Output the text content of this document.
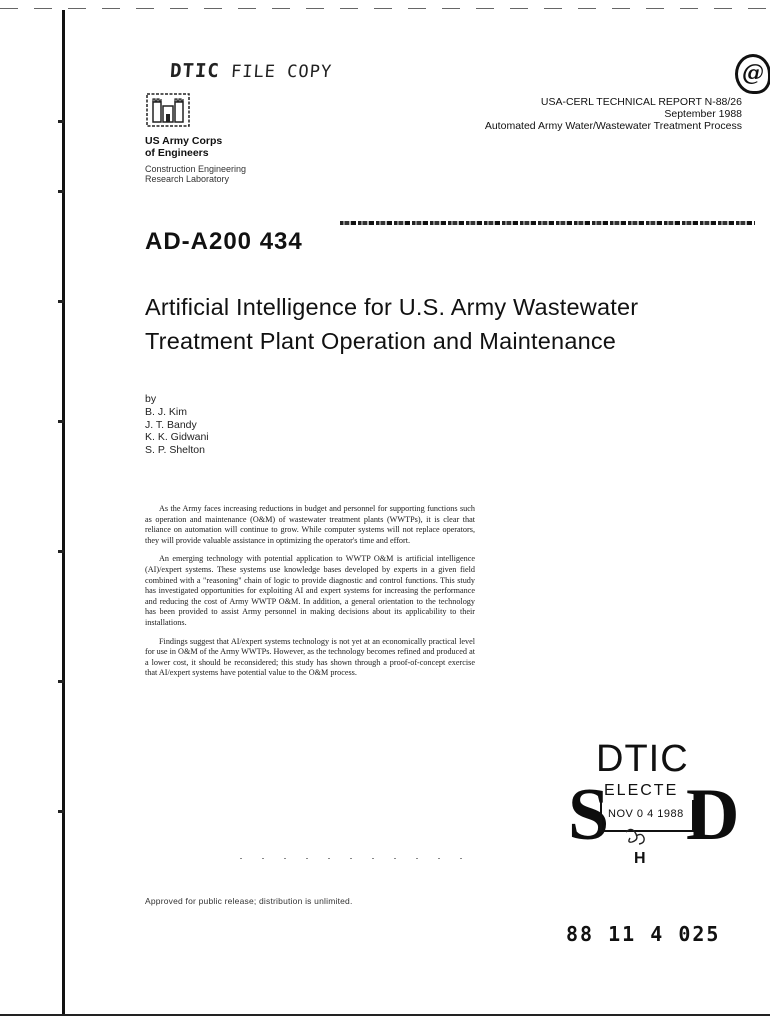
DTIC FILE COPY	@
US Army Corps
of Engineers
Construction Engineering
Research Laboratory
USA-CERL TECHNICAL REPORT N-88/26
September 1988
Automated Army Water/Wastewater Treatment Process
AD-A200 434
Artificial Intelligence for U.S. Army Wastewater
Treatment Plant Operation and Maintenance
by
B. J. Kim
J. T. Bandy
K. K. Gidwani
S. P. Shelton

As the Army faces increasing reductions in budget and personnel for supporting functions such as operation and maintenance (O&M) of wastewater treatment plants (WWTPs), it is clear that reliance on automation will continue to grow. While computer systems will not replace operators, they will provide valuable assistance in optimizing the operator's time and effort.

An emerging technology with potential application to WWTP O&M is artificial intelligence (AI)/expert systems. These systems use knowledge bases developed by experts in a given field combined with a "reasoning" chain of logic to provide diagnostic and control functions. This study has investigated opportunities for exploiting AI and expert systems for increasing the performance and reducing the cost of Army WWTP O&M. In addition, a general orientation to the technology has been provided to assist Army personnel in making decisions about its applicability to their installations.

Findings suggest that AI/expert systems technology is not yet at an economically practical level for use in O&M of the Army WWTPs. However, as the technology becomes refined and produced at a lower cost, it should be reconsidered; this study has shown through a proof-of-concept exercise that AI/expert systems have potential value to the O&M process.

Approved for public release; distribution is unlimited.
DTIC
S
ELECTE
NOV 0 4 1988 D
H
88 11 4 025
